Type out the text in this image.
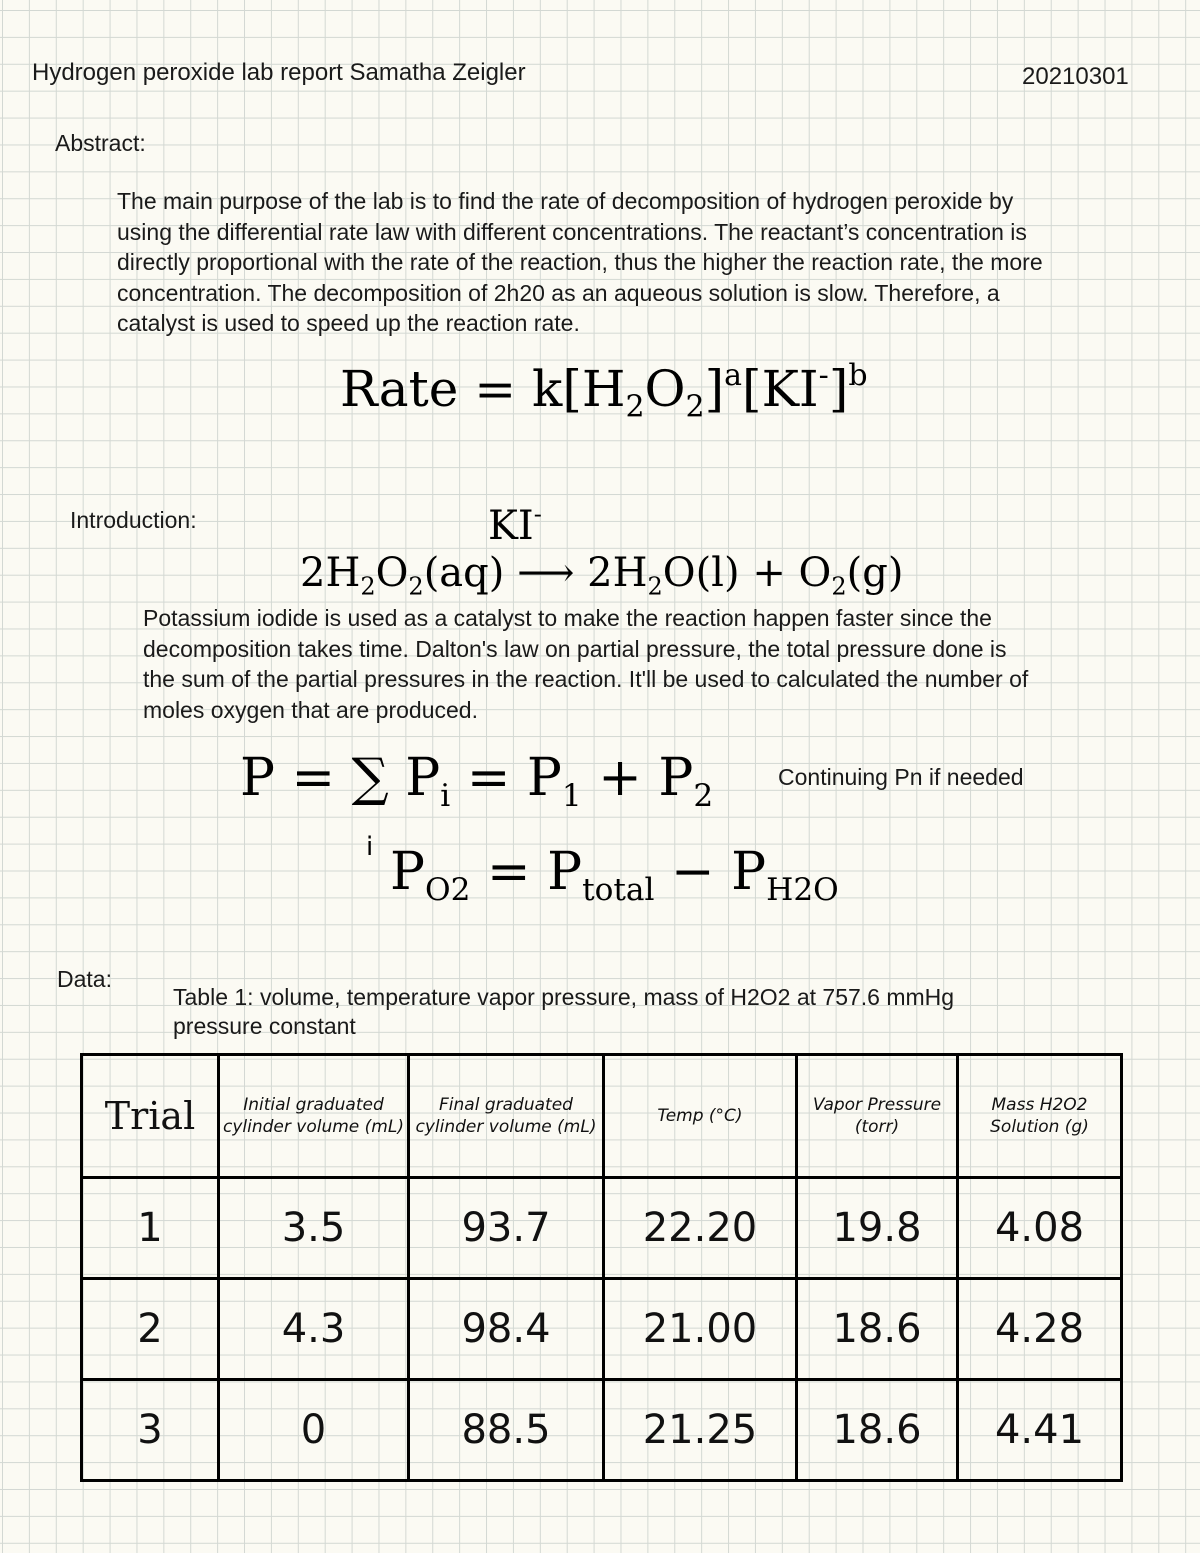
Hydrogen peroxide lab report Samatha Zeigler	20210301
Abstract:
The main purpose of the lab is to find the rate of decomposition of hydrogen peroxide by
using the differential rate law with different concentrations. The reactant’s concentration is
directly proportional with the rate of the reaction, thus the higher the reaction rate, the more
concentration. The decomposition of 2h20 as an aqueous solution is slow. Therefore, a
catalyst is used to speed up the reaction rate.
Rate = $k[H_2O_2]^a[KI^-]^b$
Introduction:	KI-
$2H_2O_2(aq)$ ⟶ $2H_2O(l) + O_2(g)$
Potassium iodide is used as a catalyst to make the reaction happen faster since the
decomposition takes time. Dalton's law on partial pressure, the total pressure done is
the sum of the partial pressures in the reaction. It'll be used to calculated the number of
moles oxygen that are produced.
P = ∑ $P_i = P_1 + P_2$
i
Continuing Pn if needed
$P_{O2} = P_{total} - P_{H2O}$
Data:
Table 1: volume, temperature vapor pressure, mass of H2O2 at 757.6 mmHg
pressure constant
Trial	Initial graduated cylinder volume (mL)	Final graduated cylinder volume (mL)	Temp (°C)	Vapor Pressure (torr)	Mass H2O2 Solution (g)
1	3.5	93.7	22.20	19.8	4.08
2	4.3	98.4	21.00	18.6	4.28
3	0	88.5	21.25	18.6	4.41
